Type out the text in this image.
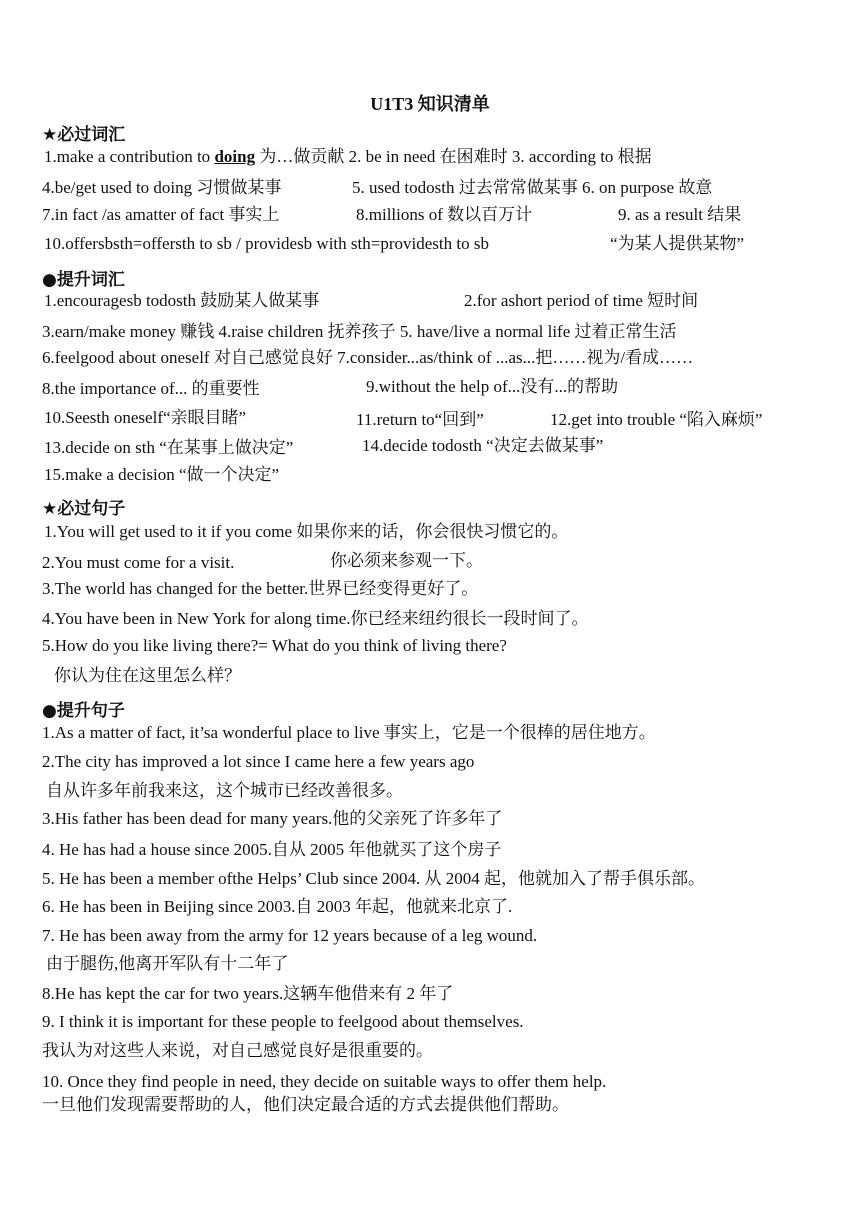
U1T3 知识清单
★必过词汇
1.make a contribution to doing 为…做贡献 2. be in need 在困难时 3. according to 根据
4.be/get used to doing 习惯做某事	5. used todosth 过去常常做某事 6. on purpose 故意
7.in fact /as amatter of fact 事实上	8.millions of 数以百万计	9. as a result 结果
10.offersbsth=offersth to sb / providesb with sth=providesth to sb	“为某人提供某物”
●提升词汇
1.encouragesb todosth 鼓励某人做某事	2.for ashort period of time 短时间
3.earn/make money 赚钱 4.raise children 抚养孩子 5. have/live a normal life 过着正常生活
6.feelgood about oneself 对自己感觉良好 7.consider...as/think of ...as...把……视为/看成……
8.the importance of... 的重要性	9.without the help of...没有...的帮助
10.Seesth oneself“亲眼目睹”	11.return to“回到”	12.get into trouble “陷入麻烦”
13.decide on sth “在某事上做决定”	14.decide todosth “决定去做某事”
15.make a decision “做一个决定”
★必过句子
1.You will get used to it if you come 如果你来的话，你会很快习惯它的。
2.You must come for a visit.	你必须来参观一下。
3.The world has changed for the better.世界已经变得更好了。
4.You have been in New York for along time.你已经来纽约很长一段时间了。
5.How do you like living there?= What do you think of living there?
你认为住在这里怎么样？
●提升句子
1.As a matter of fact, it’sa wonderful place to live 事实上，它是一个很棒的居住地方。
2.The city has improved a lot since I came here a few years ago
自从许多年前我来这，这个城市已经改善很多。
3.His father has been dead for many years.他的父亲死了许多年了
4. He has had a house since 2005.自从 2005 年他就买了这个房子
5. He has been a member ofthe Helps’ Club since 2004. 从 2004 起，他就加入了帮手俱乐部。
6. He has been in Beijing since 2003.自 2003 年起，他就来北京了.
7. He has been away from the army for 12 years because of a leg wound.
由于腿伤,他离开军队有十二年了
8.He has kept the car for two years.这辆车他借来有 2 年了
9. I think it is important for these people to feelgood about themselves.
我认为对这些人来说，对自己感觉良好是很重要的。
10. Once they find people in need, they decide on suitable ways to offer them help.
一旦他们发现需要帮助的人，他们决定最合适的方式去提供他们帮助。
